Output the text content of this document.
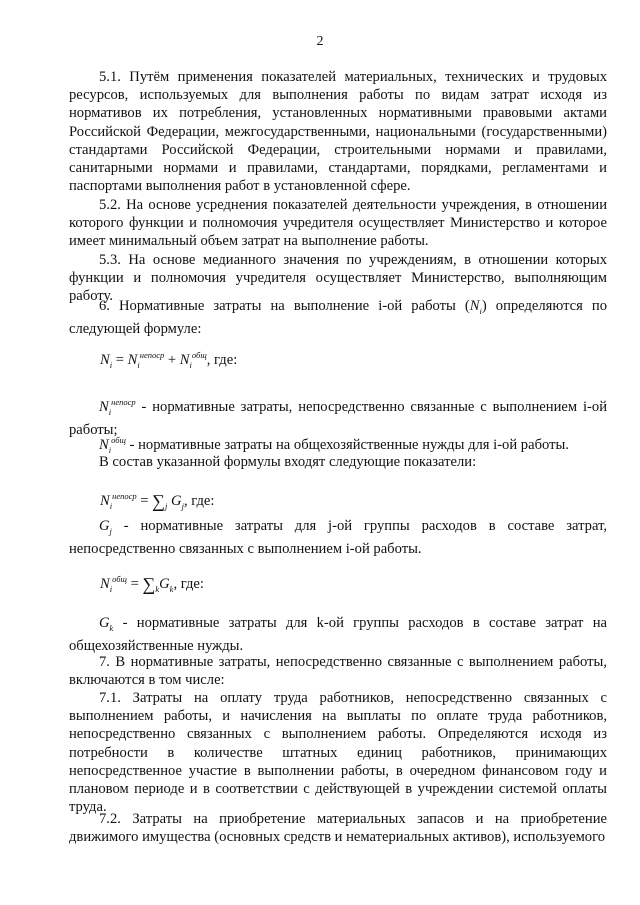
2

5.1. Путём применения показателей материальных, технических и трудовых ресурсов, используемых для выполнения работы по видам затрат исходя из нормативов их потребления, установленных нормативными правовыми актами Российской Федерации, межгосударственными, национальными (государственными) стандартами Российской Федерации, строительными нормами и правилами, санитарными нормами и правилами, стандартами, порядками, регламентами и паспортами выполнения работ в установленной сфере.

5.2. На основе усреднения показателей деятельности учреждения, в отношении которого функции и полномочия учредителя осуществляет Министерство и которое имеет минимальный объем затрат на выполнение работы.

5.3. На основе медианного значения по учреждениям, в отношении которых функции и полномочия учредителя осуществляет Министерство, выполняющим работу.

6. Нормативные затраты на выполнение i-ой работы $(N_i)$ определяются по следующей формуле:

$N_i = N_i^{непоср} + N_i^{общ}$, где:

$N_i^{непоср}$ - нормативные затраты, непосредственно связанные с выполнением i-ой работы;

$N_i^{общ}$ - нормативные затраты на общехозяйственные нужды для i-ой работы.

В состав указанной формулы входят следующие показатели:

$N_i^{непоср} = \sum_j$ $G_j$, где:

$G_j$ - нормативные затраты для j-ой группы расходов в составе затрат, непосредственно связанных с выполнением i-ой работы.

$N_i^{общ} = \sum_kG_k$, где:

$G_k$ - нормативные затраты для k-ой группы расходов в составе затрат на общехозяйственные нужды.

7. В нормативные затраты, непосредственно связанные с выполнением работы, включаются в том числе:

7.1. Затраты на оплату труда работников, непосредственно связанных с выполнением работы, и начисления на выплаты по оплате труда работников, непосредственно связанных с выполнением работы. Определяются исходя из потребности в количестве штатных единиц работников, принимающих непосредственное участие в выполнении работы, в очередном финансовом году и плановом периоде и в соответствии с действующей в учреждении системой оплаты труда.

7.2. Затраты на приобретение материальных запасов и на приобретение движимого имущества (основных средств и нематериальных активов), используемого
